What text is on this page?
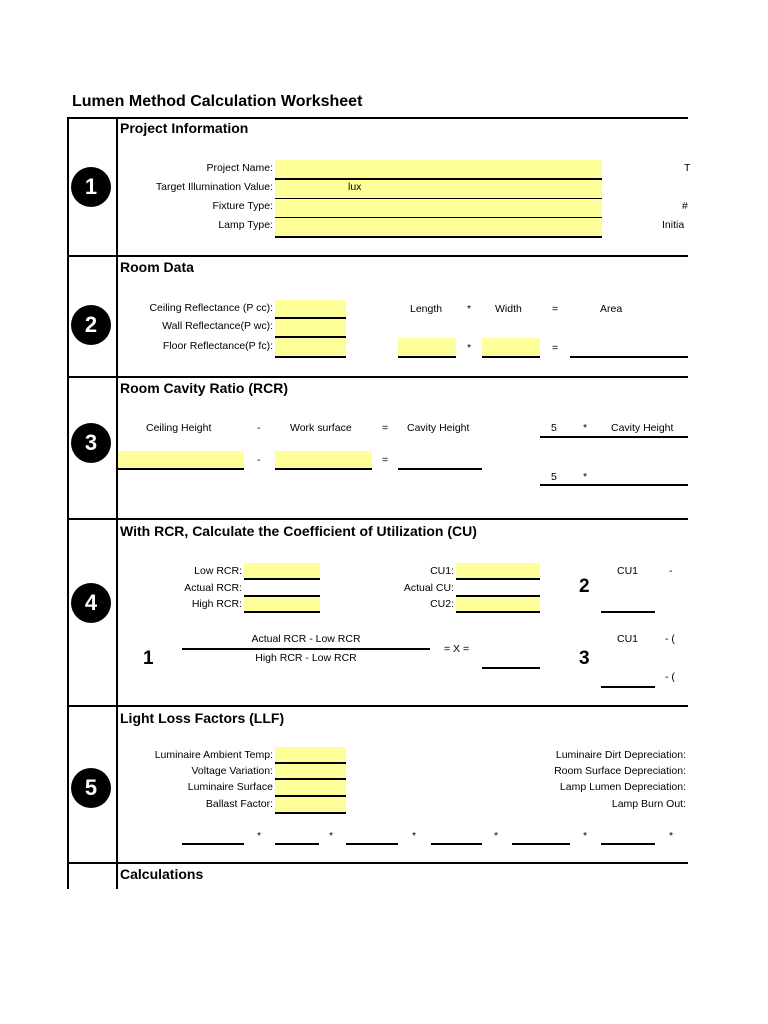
Lumen Method Calculation Worksheet
1
Project Information
Project Name:
Target Illumination Value:
Fixture Type:
Lamp Type:
lux
T
#
Initia
2
Room Data
Ceiling Reflectance (P cc):
Wall Reflectance(P wc):
Floor Reflectance(P fc):
Length * Width	=	Area
*	=
3
Room Cavity Ratio (RCR)
Ceiling Height	-	Work surface	= Cavity Height	5 * Cavity Height
-	=
5 *
4
With RCR, Calculate the Coefficient of Utilization (CU)
Low RCR:
Actual RCR:
High RCR:
CU1:
Actual CU:
CU2:
2
CU1	-
1
Actual RCR - Low RCR
High RCR - Low RCR
= X =	3
CU1	- (
- (
5
Light Loss Factors (LLF)
Luminaire Ambient Temp:
Voltage Variation:
Luminaire Surface
Ballast Factor:
Luminaire Dirt Depreciation:
Room Surface Depreciation:
Lamp Lumen Depreciation:
Lamp Burn Out:
*	*	*	*	*	*
Calculations
